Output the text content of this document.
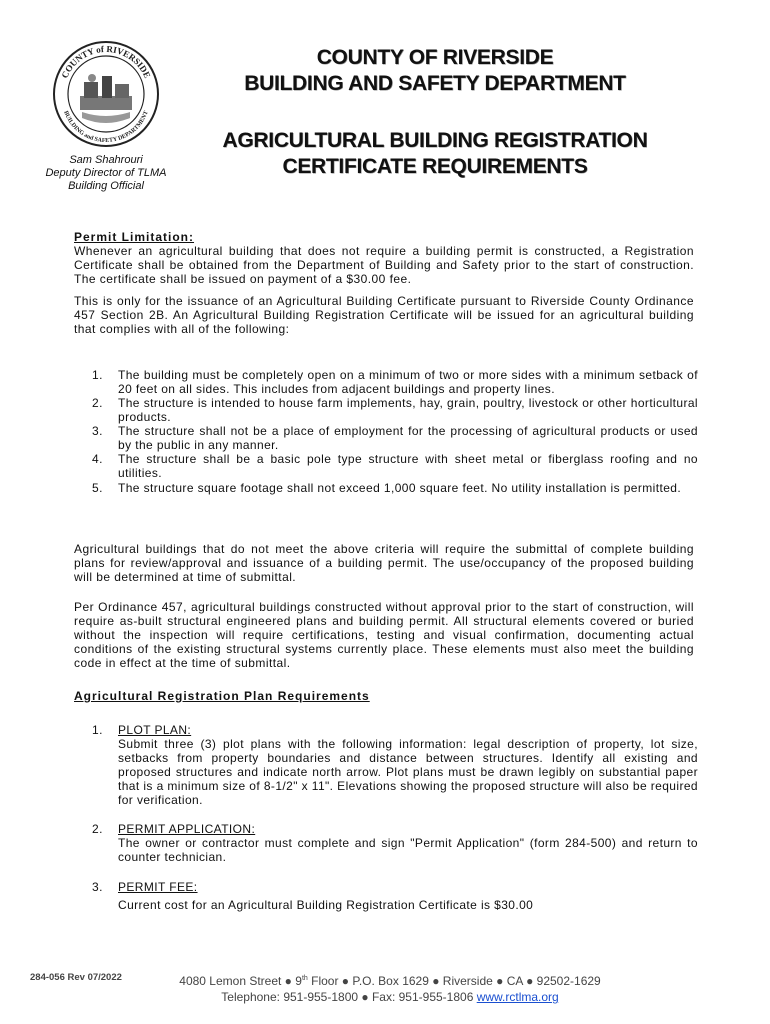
COUNTY of RIVERSIDE
BUILDING and SAFETY DEPARTMENT
Sam Shahrouri
Deputy Director of TLMA
Building Official
COUNTY OF RIVERSIDE
BUILDING AND SAFETY DEPARTMENT
AGRICULTURAL BUILDING REGISTRATION
CERTIFICATE REQUIREMENTS
Permit Limitation:
Whenever an agricultural building that does not require a building permit is constructed, a Registration Certificate shall be obtained from the Department of Building and Safety prior to the start of construction. The certificate shall be issued on payment of a $30.00 fee.
This is only for the issuance of an Agricultural Building Certificate pursuant to Riverside County Ordinance 457 Section 2B. An Agricultural Building Registration Certificate will be issued for an agricultural building that complies with all of the following:
1.	The building must be completely open on a minimum of two or more sides with a minimum setback of 20 feet on all sides. This includes from adjacent buildings and property lines.
2.	The structure is intended to house farm implements, hay, grain, poultry, livestock or other horticultural products.
3.	The structure shall not be a place of employment for the processing of agricultural products or used by the public in any manner.
4.	The structure shall be a basic pole type structure with sheet metal or fiberglass roofing and no utilities.
5.	The structure square footage shall not exceed 1,000 square feet. No utility installation is permitted.
Agricultural buildings that do not meet the above criteria will require the submittal of complete building plans for review/approval and issuance of a building permit. The use/occupancy of the proposed building will be determined at time of submittal.
Per Ordinance 457, agricultural buildings constructed without approval prior to the start of construction, will require as-built structural engineered plans and building permit. All structural elements covered or buried without the inspection will require certifications, testing and visual confirmation, documenting actual conditions of the existing structural systems currently place. These elements must also meet the building code in effect at the time of submittal.
Agricultural Registration Plan Requirements
1. PLOT PLAN:
Submit three (3) plot plans with the following information: legal description of property, lot size, setbacks from property boundaries and distance between structures. Identify all existing and proposed structures and indicate north arrow. Plot plans must be drawn legibly on substantial paper that is a minimum size of 8-1/2" x 11". Elevations showing the proposed structure will also be required for verification.
2. PERMIT APPLICATION:
The owner or contractor must complete and sign "Permit Application" (form 284-500) and return to counter technician.
3. PERMIT FEE:
Current cost for an Agricultural Building Registration Certificate is $30.00
284-056 Rev 07/2022	4080 Lemon Street ● 9th Floor ● P.O. Box 1629 ● Riverside ● CA ● 92502-1629
Telephone: 951-955-1800 ● Fax: 951-955-1806 www.rctlma.org
